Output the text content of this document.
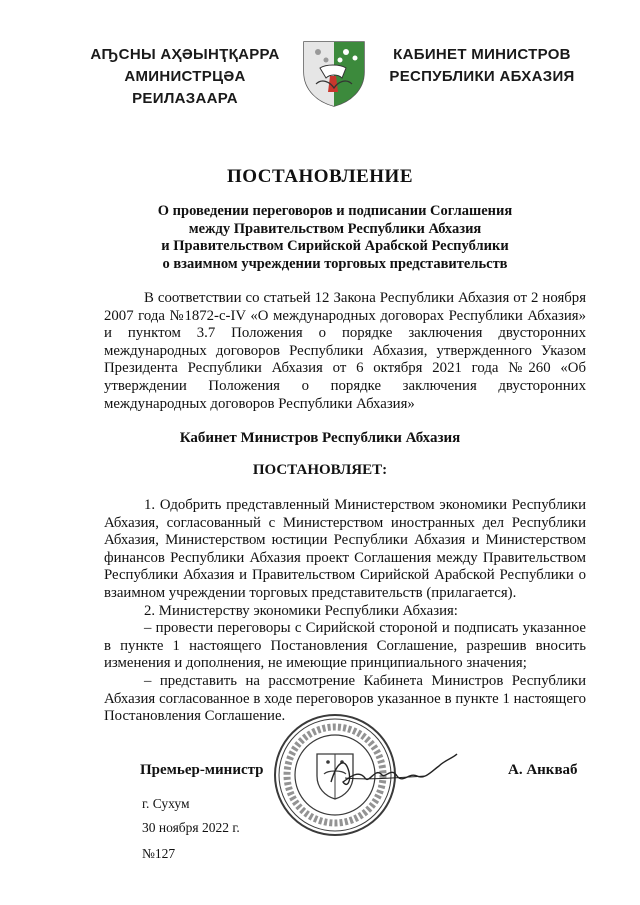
АҦСНЫ АҲӘЫНҬҚАРРА
АМИНИСТРЦӘА РЕИЛАЗААРА
КАБИНЕТ МИНИСТРОВ
РЕСПУБЛИКИ АБХАЗИЯ
ПОСТАНОВЛЕНИЕ
О проведении переговоров и подписании Соглашения
между Правительством Республики Абхазия
и Правительством Сирийской Арабской Республики
о взаимном учреждении торговых представительств
В соответствии со статьей 12 Закона Республики Абхазия от 2 ноября 2007 года №1872-с-IV «О международных договорах Республики Абхазия» и пунктом 3.7 Положения о порядке заключения двусторонних международных договоров Республики Абхазия, утвержденного Указом Президента Республики Абхазия от 6 октября 2021 года №260 «Об утверждении Положения о порядке заключения двусторонних международных договоров Республики Абхазия»
Кабинет Министров Республики Абхазия
ПОСТАНОВЛЯЕТ:

1. Одобрить представленный Министерством экономики Республики Абхазия, согласованный с Министерством иностранных дел Республики Абхазия, Министерством юстиции Республики Абхазия и Министерством финансов Республики Абхазия проект Соглашения между Правительством Республики Абхазия и Правительством Сирийской Арабской Республики о взаимном учреждении торговых представительств (прилагается).

2. Министерству экономики Республики Абхазия:

– провести переговоры с Сирийской стороной и подписать указанное в пункте 1 настоящего Постановления Соглашение, разрешив вносить изменения и дополнения, не имеющие принципиального значения;

– представить на рассмотрение Кабинета Министров Республики Абхазия согласованное в ходе переговоров указанное в пункте 1 настоящего Постановления Соглашение.

Премьер-министр	А. Анкваб
г. Сухум
30 ноября 2022 г.
№127
